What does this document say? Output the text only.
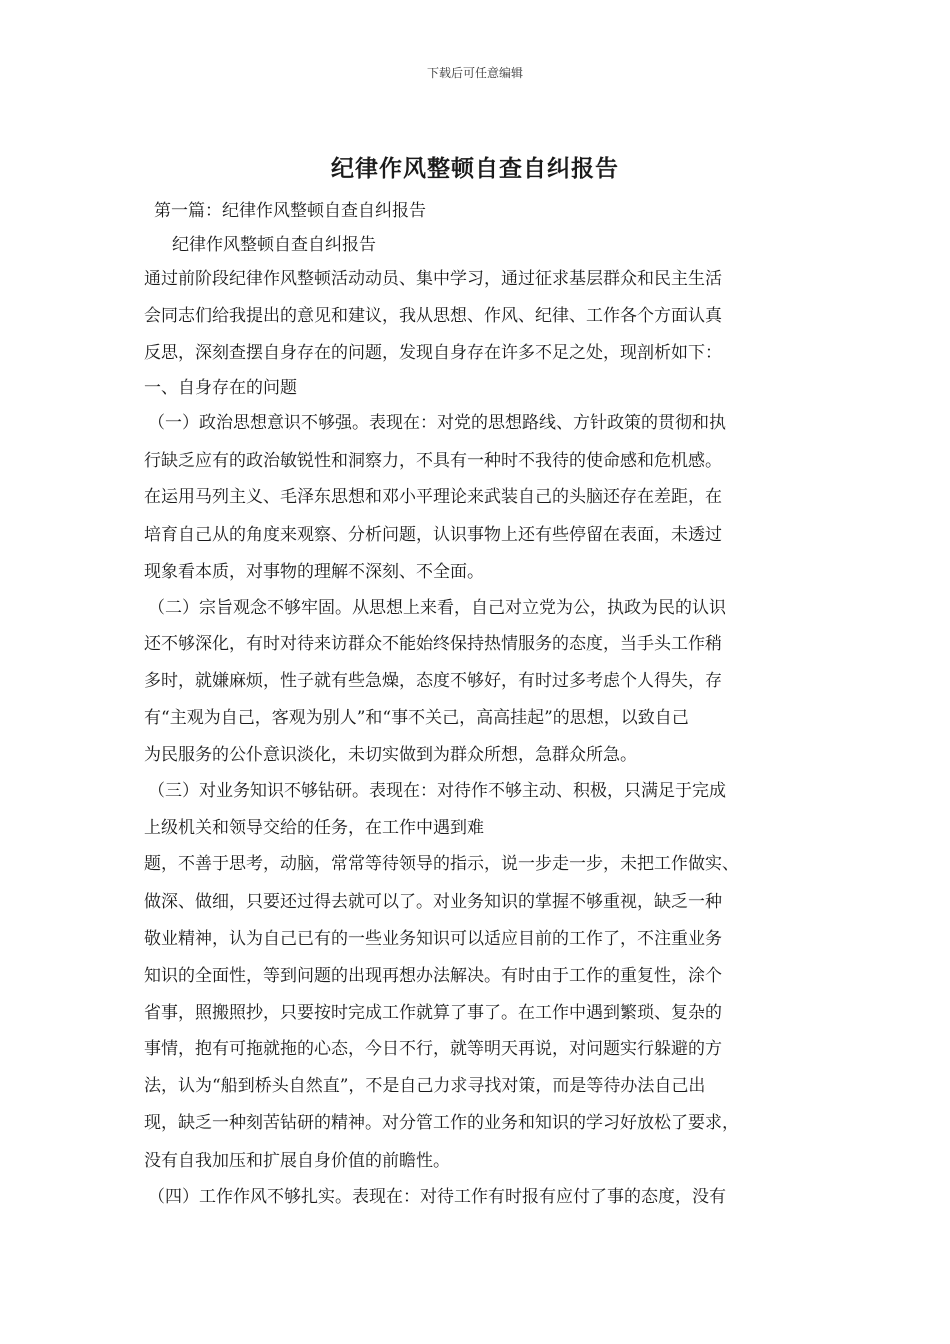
下载后可任意编辑
纪律作风整顿自查自纠报告
第一篇：纪律作风整顿自查自纠报告
纪律作风整顿自查自纠报告
通过前阶段纪律作风整顿活动动员、集中学习，通过征求基层群众和民主生活
会同志们给我提出的意见和建议，我从思想、作风、纪律、工作各个方面认真
反思，深刻查摆自身存在的问题，发现自身存在许多不足之处，现剖析如下：
一、自身存在的问题
（一）政治思想意识不够强。表现在：对党的思想路线、方针政策的贯彻和执
行缺乏应有的政治敏锐性和洞察力，不具有一种时不我待的使命感和危机感。
在运用马列主义、毛泽东思想和邓小平理论来武装自己的头脑还存在差距，在
培育自己从的角度来观察、分析问题，认识事物上还有些停留在表面，未透过
现象看本质，对事物的理解不深刻、不全面。
（二）宗旨观念不够牢固。从思想上来看，自己对立党为公，执政为民的认识
还不够深化，有时对待来访群众不能始终保持热情服务的态度，当手头工作稍
多时，就嫌麻烦，性子就有些急燥，态度不够好，有时过多考虑个人得失，存
有“主观为自己，客观为别人”和“事不关己，高高挂起”的思想，以致自己
为民服务的公仆意识淡化，未切实做到为群众所想，急群众所急。
（三）对业务知识不够钻研。表现在：对待作不够主动、积极，只满足于完成
上级机关和领导交给的任务，在工作中遇到难
题，不善于思考，动脑，常常等待领导的指示，说一步走一步，未把工作做实、
做深、做细，只要还过得去就可以了。对业务知识的掌握不够重视，缺乏一种
敬业精神，认为自己已有的一些业务知识可以适应目前的工作了，不注重业务
知识的全面性，等到问题的出现再想办法解决。有时由于工作的重复性，涂个
省事，照搬照抄，只要按时完成工作就算了事了。在工作中遇到繁琐、复杂的
事情，抱有可拖就拖的心态，今日不行，就等明天再说，对问题实行躲避的方
法，认为“船到桥头自然直”，不是自己力求寻找对策，而是等待办法自己出
现，缺乏一种刻苦钻研的精神。对分管工作的业务和知识的学习好放松了要求，
没有自我加压和扩展自身价值的前瞻性。
（四）工作作风不够扎实。表现在：对待工作有时报有应付了事的态度，没有
